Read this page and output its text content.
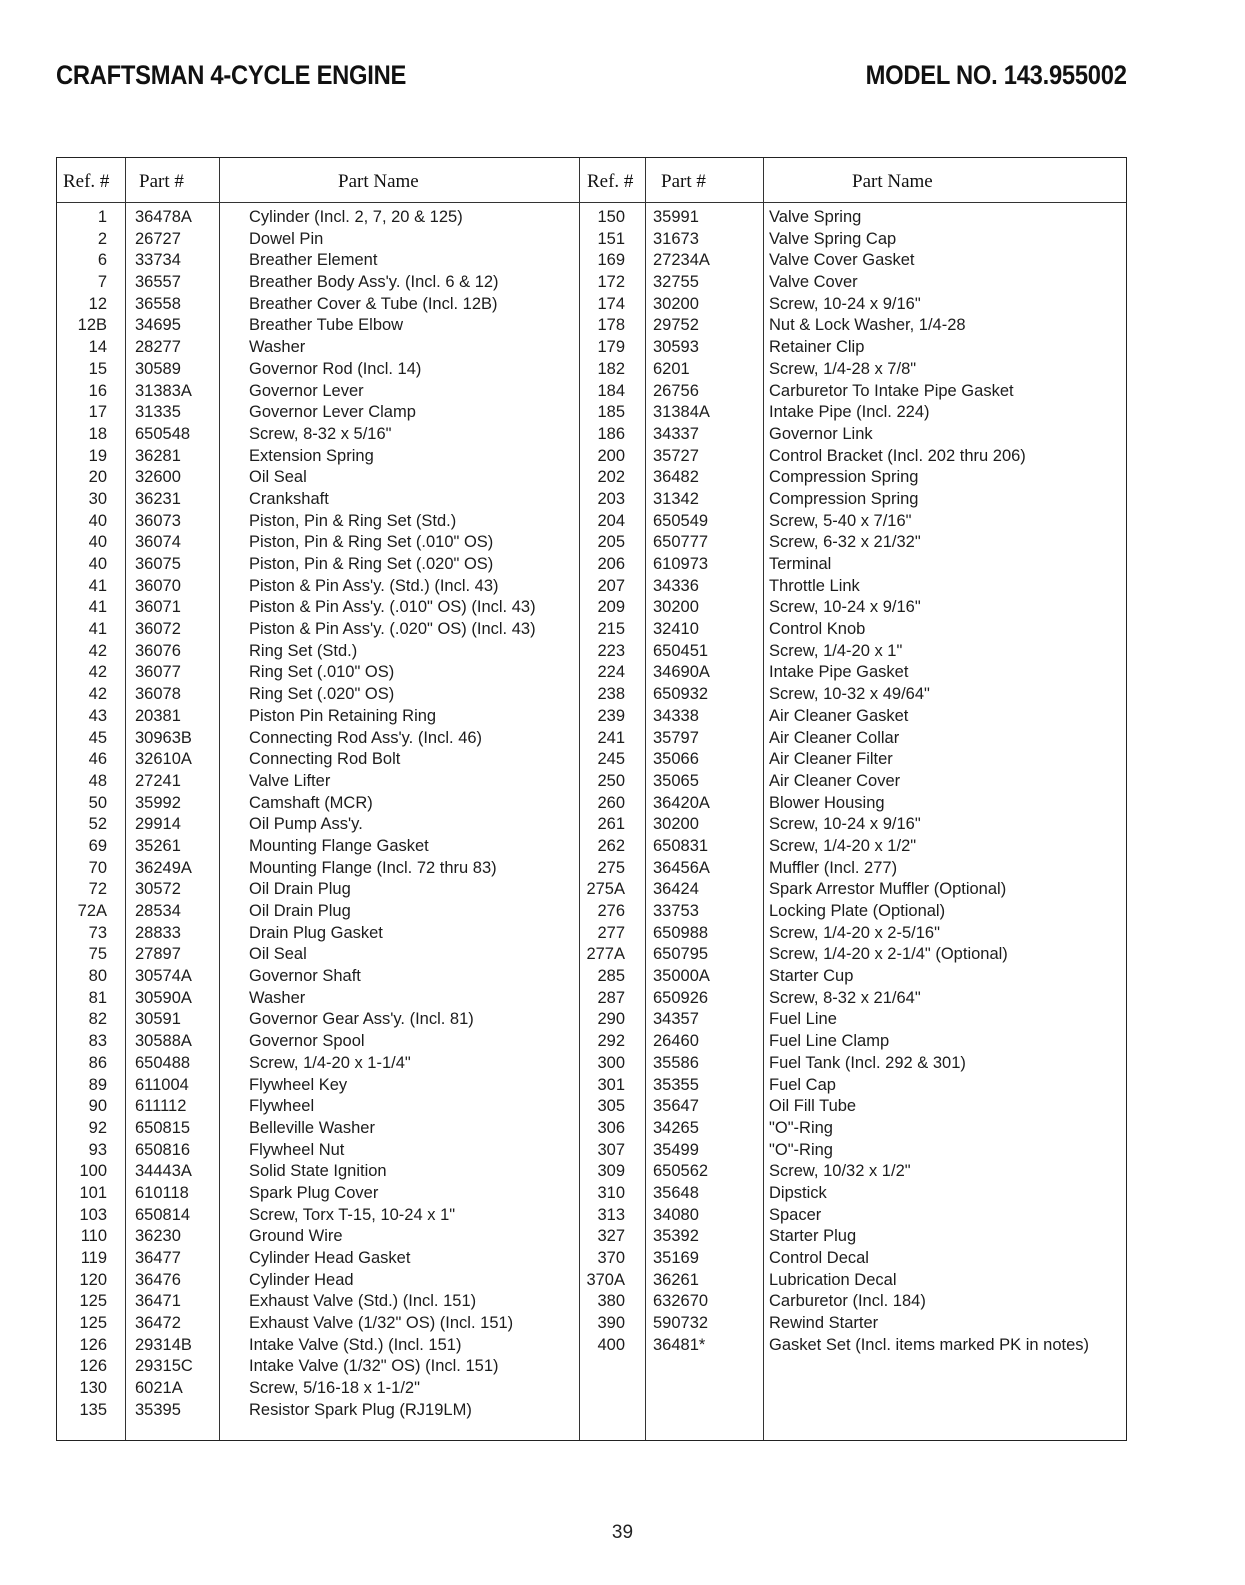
CRAFTSMAN 4-CYCLE ENGINE	MODEL NO. 143.955002
Ref. # Part #	Part Name	Ref. # Part #	Part Name
1 36478A	Cylinder (Incl. 2, 7, 20 & 125)	150 35991	Valve Spring
2 26727	Dowel Pin	151 31673	Valve Spring Cap
6 33734	Breather Element	169 27234A	Valve Cover Gasket
7 36557	Breather Body Ass'y. (Incl. 6 & 12)	172 32755	Valve Cover
12 36558	Breather Cover & Tube (Incl. 12B)	174 30200	Screw, 10-24 x 9/16"
12B 34695	Breather Tube Elbow	178 29752	Nut & Lock Washer, 1/4-28
14 28277	Washer	179 30593	Retainer Clip
15 30589	Governor Rod (Incl. 14)	182 6201	Screw, 1/4-28 x 7/8"
16 31383A	Governor Lever	184 26756	Carburetor To Intake Pipe Gasket
17 31335	Governor Lever Clamp	185 31384A	Intake Pipe (Incl. 224)
18 650548	Screw, 8-32 x 5/16"	186 34337	Governor Link
19 36281	Extension Spring	200 35727	Control Bracket (Incl. 202 thru 206)
20 32600	Oil Seal	202 36482	Compression Spring
30 36231	Crankshaft	203 31342	Compression Spring
40 36073	Piston, Pin & Ring Set (Std.)	204 650549	Screw, 5-40 x 7/16"
40 36074	Piston, Pin & Ring Set (.010" OS)	205 650777	Screw, 6-32 x 21/32"
40 36075	Piston, Pin & Ring Set (.020" OS)	206 610973	Terminal
41 36070	Piston & Pin Ass'y. (Std.) (Incl. 43)	207 34336	Throttle Link
41 36071	Piston & Pin Ass'y. (.010" OS) (Incl. 43)	209 30200	Screw, 10-24 x 9/16"
41 36072	Piston & Pin Ass'y. (.020" OS) (Incl. 43)	215 32410	Control Knob
42 36076	Ring Set (Std.)	223 650451	Screw, 1/4-20 x 1"
42 36077	Ring Set (.010" OS)	224 34690A	Intake Pipe Gasket
42 36078	Ring Set (.020" OS)	238 650932	Screw, 10-32 x 49/64"
43 20381	Piston Pin Retaining Ring	239 34338	Air Cleaner Gasket
45 30963B	Connecting Rod Ass'y. (Incl. 46)	241 35797	Air Cleaner Collar
46 32610A	Connecting Rod Bolt	245 35066	Air Cleaner Filter
48 27241	Valve Lifter	250 35065	Air Cleaner Cover
50 35992	Camshaft (MCR)	260 36420A	Blower Housing
52 29914	Oil Pump Ass'y.	261 30200	Screw, 10-24 x 9/16"
69 35261	Mounting Flange Gasket	262 650831	Screw, 1/4-20 x 1/2"
70 36249A	Mounting Flange (Incl. 72 thru 83)	275 36456A	Muffler (Incl. 277)
72 30572	Oil Drain Plug	275A 36424	Spark Arrestor Muffler (Optional)
72A 28534	Oil Drain Plug	276 33753	Locking Plate (Optional)
73 28833	Drain Plug Gasket	277 650988	Screw, 1/4-20 x 2-5/16"
75 27897	Oil Seal	277A 650795	Screw, 1/4-20 x 2-1/4" (Optional)
80 30574A	Governor Shaft	285 35000A	Starter Cup
81 30590A	Washer	287 650926	Screw, 8-32 x 21/64"
82 30591	Governor Gear Ass'y. (Incl. 81)	290 34357	Fuel Line
83 30588A	Governor Spool	292 26460	Fuel Line Clamp
86 650488	Screw, 1/4-20 x 1-1/4"	300 35586	Fuel Tank (Incl. 292 & 301)
89 611004	Flywheel Key	301 35355	Fuel Cap
90 611112	Flywheel	305 35647	Oil Fill Tube
92 650815	Belleville Washer	306 34265	"O"-Ring
93 650816	Flywheel Nut	307 35499	"O"-Ring
100 34443A	Solid State Ignition	309 650562	Screw, 10/32 x 1/2"
101 610118	Spark Plug Cover	310 35648	Dipstick
103 650814	Screw, Torx T-15, 10-24 x 1"	313 34080	Spacer
110 36230	Ground Wire	327 35392	Starter Plug
119 36477	Cylinder Head Gasket	370 35169	Control Decal
120 36476	Cylinder Head	370A 36261	Lubrication Decal
125 36471	Exhaust Valve (Std.) (Incl. 151)	380 632670	Carburetor (Incl. 184)
125 36472	Exhaust Valve (1/32" OS) (Incl. 151)	390 590732	Rewind Starter
126 29314B	Intake Valve (Std.) (Incl. 151)	400 36481*	Gasket Set (Incl. items marked PK in notes)
126 29315C	Intake Valve (1/32" OS) (Incl. 151)
130 6021A	Screw, 5/16-18 x 1-1/2"
135 35395	Resistor Spark Plug (RJ19LM)
39
